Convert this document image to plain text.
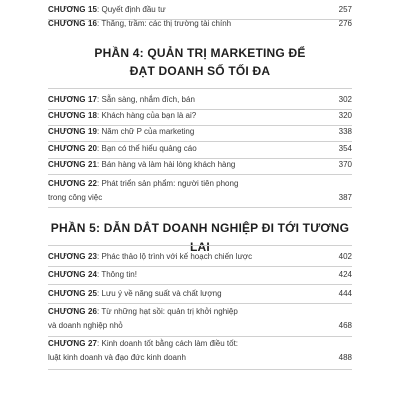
CHƯƠNG 15: Quyết định đầu tư	257
CHƯƠNG 16: Thăng, trầm: các thị trường tài chính	276
PHẦN 4: QUẢN TRỊ MARKETING ĐỂ
ĐẠT DOANH SỐ TỐI ĐA
CHƯƠNG 17: Sẵn sàng, nhắm đích, bán	302
CHƯƠNG 18: Khách hàng của bạn là ai?	320
CHƯƠNG 19: Năm chữ P của marketing	338
CHƯƠNG 20: Bạn có thể hiểu quảng cáo	354
CHƯƠNG 21: Bán hàng và làm hài lòng khách hàng	370
CHƯƠNG 22: Phát triển sản phẩm: người tiên phong
trong công việc	387
PHẦN 5: DẪN DẮT DOANH NGHIỆP ĐI TỚI TƯƠNG LAI
CHƯƠNG 23: Phác thảo lộ trình với kế hoạch chiến lược	402
CHƯƠNG 24: Thông tin!	424
CHƯƠNG 25: Lưu ý về năng suất và chất lượng	444
CHƯƠNG 26: Từ những hạt sồi: quản trị khởi nghiệp
và doanh nghiệp nhỏ	468
CHƯƠNG 27: Kinh doanh tốt bằng cách làm điều tốt:
luật kinh doanh và đạo đức kinh doanh	488
